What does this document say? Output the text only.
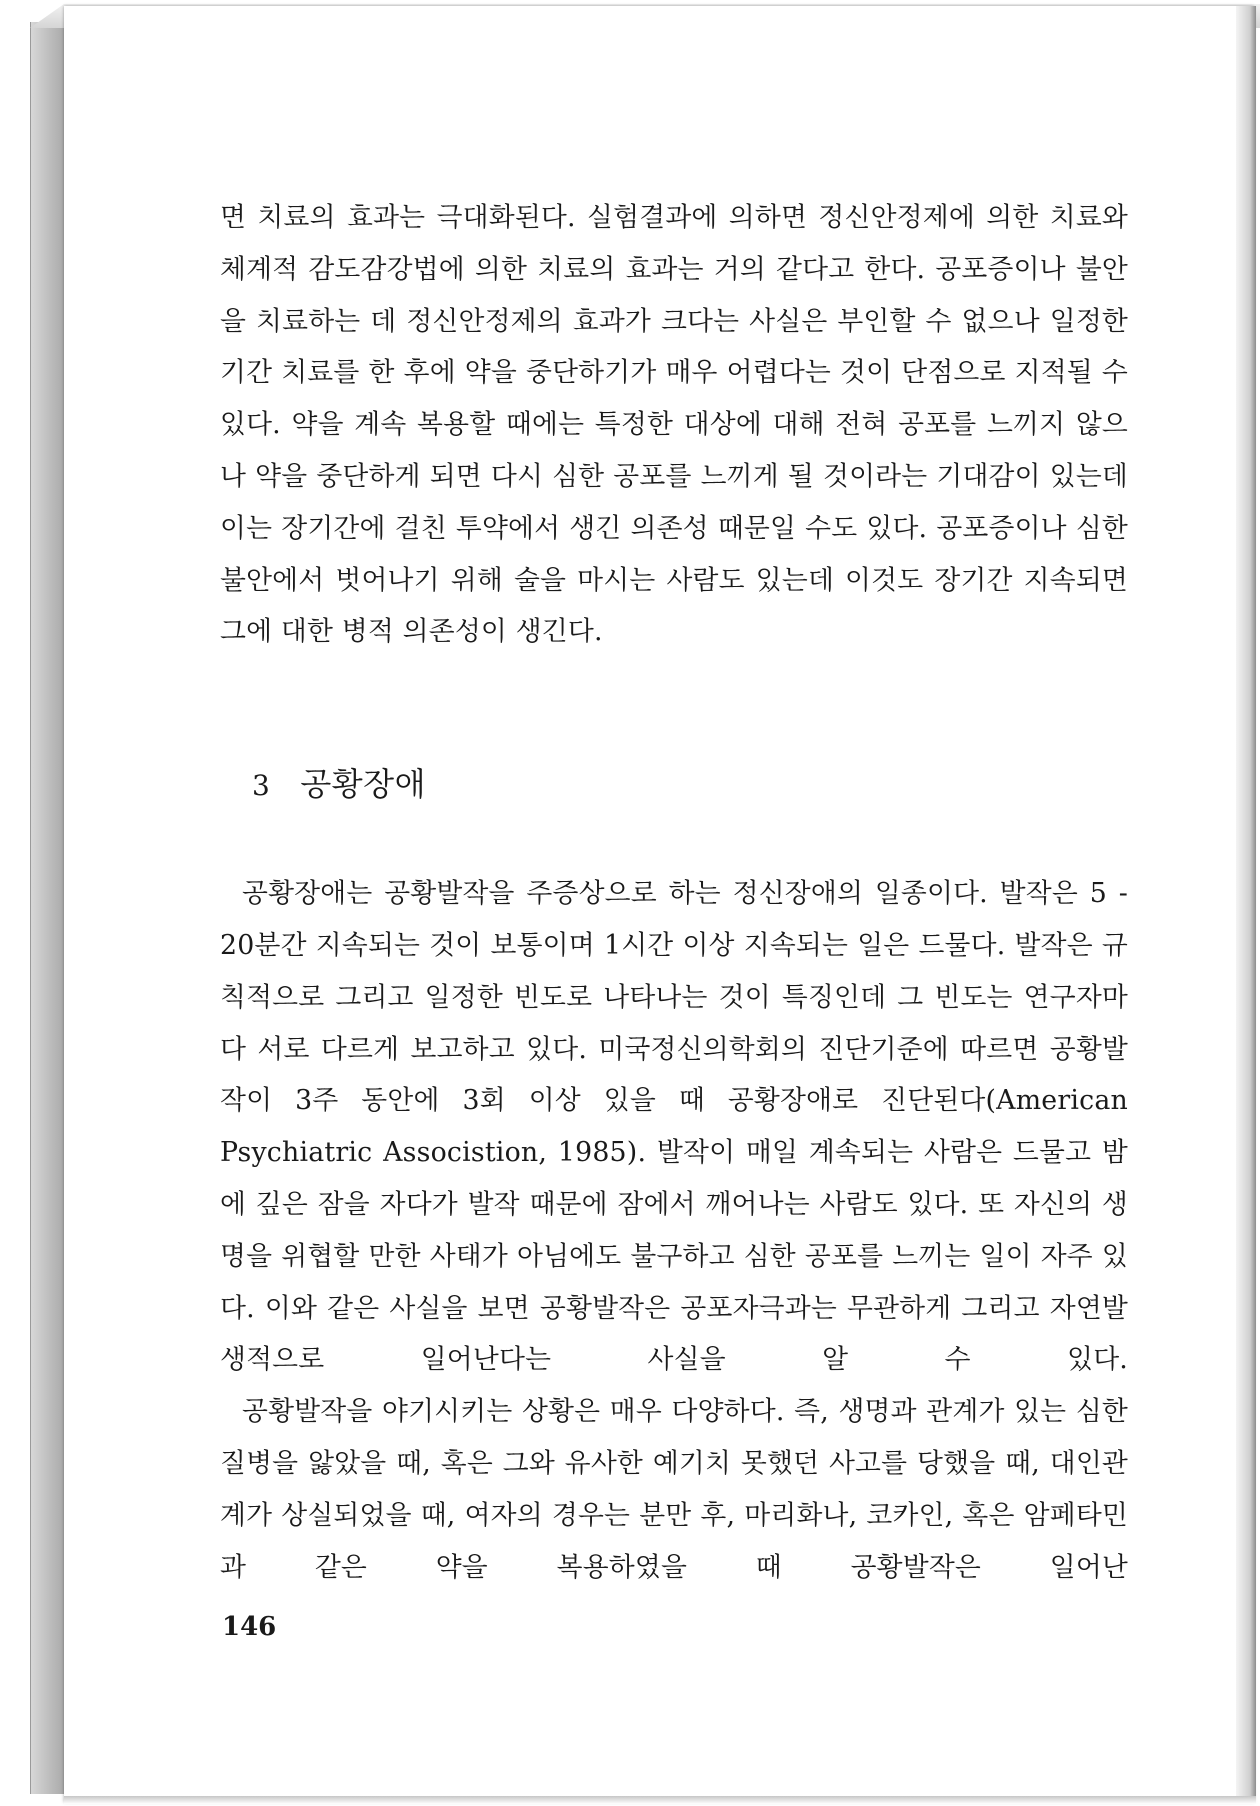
면 치료의 효과는 극대화된다. 실험결과에 의하면 정신안정제에 의한 치료와 체계적 감도감강법에 의한 치료의 효과는 거의 같다고 한다. 공포증이나 불안을 치료하는 데 정신안정제의 효과가 크다는 사실은 부인할 수 없으나 일정한 기간 치료를 한 후에 약을 중단하기가 매우 어렵다는 것이 단점으로 지적될 수 있다. 약을 계속 복용할 때에는 특정한 대상에 대해 전혀 공포를 느끼지 않으나 약을 중단하게 되면 다시 심한 공포를 느끼게 될 것이라는 기대감이 있는데 이는 장기간에 걸친 투약에서 생긴 의존성 때문일 수도 있다. 공포증이나 심한 불안에서 벗어나기 위해 술을 마시는 사람도 있는데 이것도 장기간 지속되면 그에 대한 병적 의존성이 생긴다.

3 공황장애

공황장애는 공황발작을 주증상으로 하는 정신장애의 일종이다. 발작은 5 - 20분간 지속되는 것이 보통이며 1시간 이상 지속되는 일은 드물다. 발작은 규칙적으로 그리고 일정한 빈도로 나타나는 것이 특징인데 그 빈도는 연구자마다 서로 다르게 보고하고 있다. 미국정신의학회의 진단기준에 따르면 공황발작이 3주 동안에 3회 이상 있을 때 공황장애로 진단된다(American Psychiatric Associstion, 1985). 발작이 매일 계속되는 사람은 드물고 밤에 깊은 잠을 자다가 발작 때문에 잠에서 깨어나는 사람도 있다. 또 자신의 생명을 위협할 만한 사태가 아님에도 불구하고 심한 공포를 느끼는 일이 자주 있다. 이와 같은 사실을 보면 공황발작은 공포자극과는 무관하게 그리고 자연발생적으로 일어난다는 사실을 알 수 있다.

공황발작을 야기시키는 상황은 매우 다양하다. 즉, 생명과 관계가 있는 심한 질병을 앓았을 때, 혹은 그와 유사한 예기치 못했던 사고를 당했을 때, 대인관계가 상실되었을 때, 여자의 경우는 분만 후, 마리화나, 코카인, 혹은 암페타민과 같은 약을 복용하였을 때 공황발작은 일어난

146
